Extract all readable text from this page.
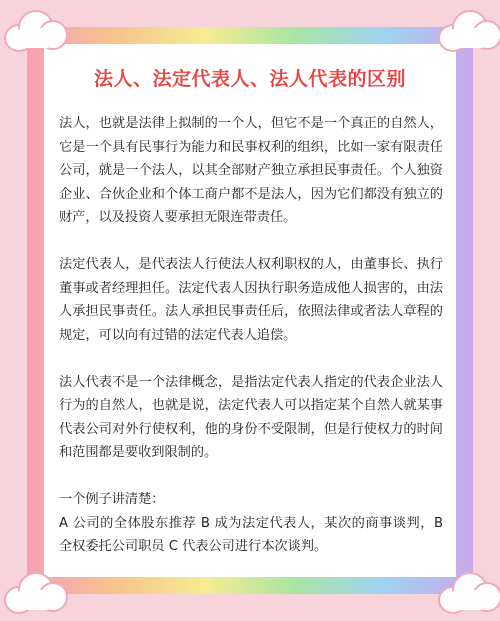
法人、法定代表人、法人代表的区别

法人，也就是法律上拟制的一个人，但它不是一个真正的自然人，它是一个具有民事行为能力和民事权利的组织，比如一家有限责任公司，就是一个法人，以其全部财产独立承担民事责任。个人独资企业、合伙企业和个体工商户都不是法人，因为它们都没有独立的财产，以及投资人要承担无限连带责任。

法定代表人，是代表法人行使法人权利职权的人，由董事长、执行董事或者经理担任。法定代表人因执行职务造成他人损害的，由法人承担民事责任。法人承担民事责任后，依照法律或者法人章程的规定，可以向有过错的法定代表人追偿。

法人代表不是一个法律概念，是指法定代表人指定的代表企业法人行为的自然人，也就是说，法定代表人可以指定某个自然人就某事代表公司对外行使权利，他的身份不受限制，但是行使权力的时间和范围都是要收到限制的。

一个例子讲清楚：

A 公司的全体股东推荐 B 成为法定代表人，某次的商事谈判，B 全权委托公司职员 C 代表公司进行本次谈判。
